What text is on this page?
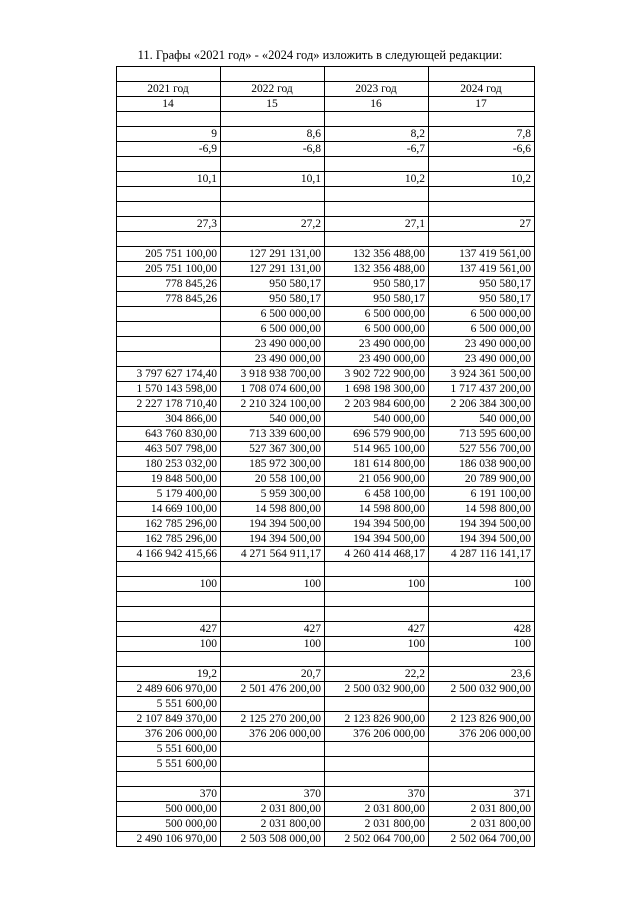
11. Графы «2021 год» - «2024 год» изложить в следующей редакции:

2021 год	2022 год	2023 год	2024 год
14	15	16	17

9	8,6	8,2	7,8
-6,9	-6,8	-6,7	-6,6

10,1	10,1	10,2	10,2

27,3	27,2	27,1	27

205 751 100,00	127 291 131,00	132 356 488,00	137 419 561,00
205 751 100,00	127 291 131,00	132 356 488,00	137 419 561,00
778 845,26	950 580,17	950 580,17	950 580,17
778 845,26	950 580,17	950 580,17	950 580,17
	6 500 000,00	6 500 000,00	6 500 000,00
	6 500 000,00	6 500 000,00	6 500 000,00
	23 490 000,00	23 490 000,00	23 490 000,00
	23 490 000,00	23 490 000,00	23 490 000,00
3 797 627 174,40	3 918 938 700,00	3 902 722 900,00	3 924 361 500,00
1 570 143 598,00	1 708 074 600,00	1 698 198 300,00	1 717 437 200,00
2 227 178 710,40	2 210 324 100,00	2 203 984 600,00	2 206 384 300,00
304 866,00	540 000,00	540 000,00	540 000,00
643 760 830,00	713 339 600,00	696 579 900,00	713 595 600,00
463 507 798,00	527 367 300,00	514 965 100,00	527 556 700,00
180 253 032,00	185 972 300,00	181 614 800,00	186 038 900,00
19 848 500,00	20 558 100,00	21 056 900,00	20 789 900,00
5 179 400,00	5 959 300,00	6 458 100,00	6 191 100,00
14 669 100,00	14 598 800,00	14 598 800,00	14 598 800,00
162 785 296,00	194 394 500,00	194 394 500,00	194 394 500,00
162 785 296,00	194 394 500,00	194 394 500,00	194 394 500,00
4 166 942 415,66	4 271 564 911,17	4 260 414 468,17	4 287 116 141,17

100	100	100	100

427	427	427	428
100	100	100	100

19,2	20,7	22,2	23,6
2 489 606 970,00	2 501 476 200,00	2 500 032 900,00	2 500 032 900,00
5 551 600,00			
2 107 849 370,00	2 125 270 200,00	2 123 826 900,00	2 123 826 900,00
376 206 000,00	376 206 000,00	376 206 000,00	376 206 000,00
5 551 600,00			
5 551 600,00			

370	370	370	371
500 000,00	2 031 800,00	2 031 800,00	2 031 800,00
500 000,00	2 031 800,00	2 031 800,00	2 031 800,00
2 490 106 970,00	2 503 508 000,00	2 502 064 700,00	2 502 064 700,00
